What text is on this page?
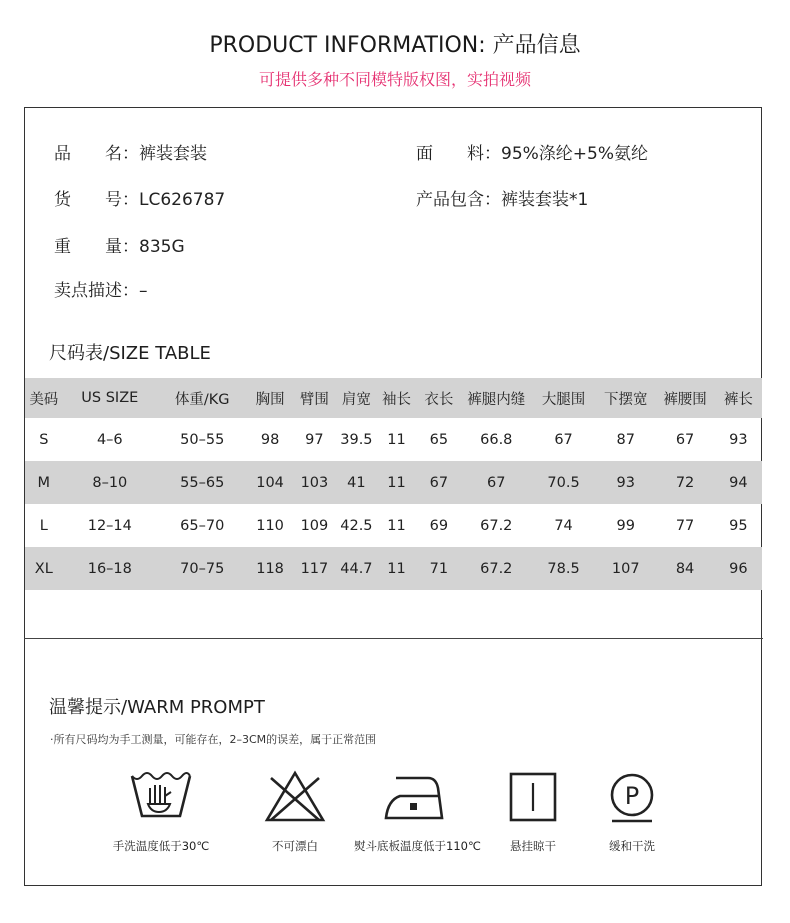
PRODUCT INFORMATION: 产品信息
可提供多种不同模特版权图，实拍视频
品　　名：裤装套装	面　　料：95%涤纶+5%氨纶
货　　号：LC626787	产品包含：裤装套装*1
重　　量：835G
卖点描述：–
尺码表/SIZE TABLE
美码	US SIZE	体重/KG	胸围	臂围	肩宽	袖长	衣长	裤腿内缝	大腿围	下摆宽	裤腰围	裤长
S	4–6	50–55	98	97	39.5	11	65	66.8	67	87	67	93
M	8–10	55–65	104	103	41	11	67	67	70.5	93	72	94
L	12–14	65–70	110	109	42.5	11	69	67.2	74	99	77	95
XL	16–18	70–75	118	117	44.7	11	71	67.2	78.5	107	84	96
温馨提示/WARM PROMPT
·所有尺码均为手工测量，可能存在，2–3CM的误差，属于正常范围
手洗温度低于30℃	不可漂白	熨斗底板温度低于110℃	悬挂晾干
P
缓和干洗
